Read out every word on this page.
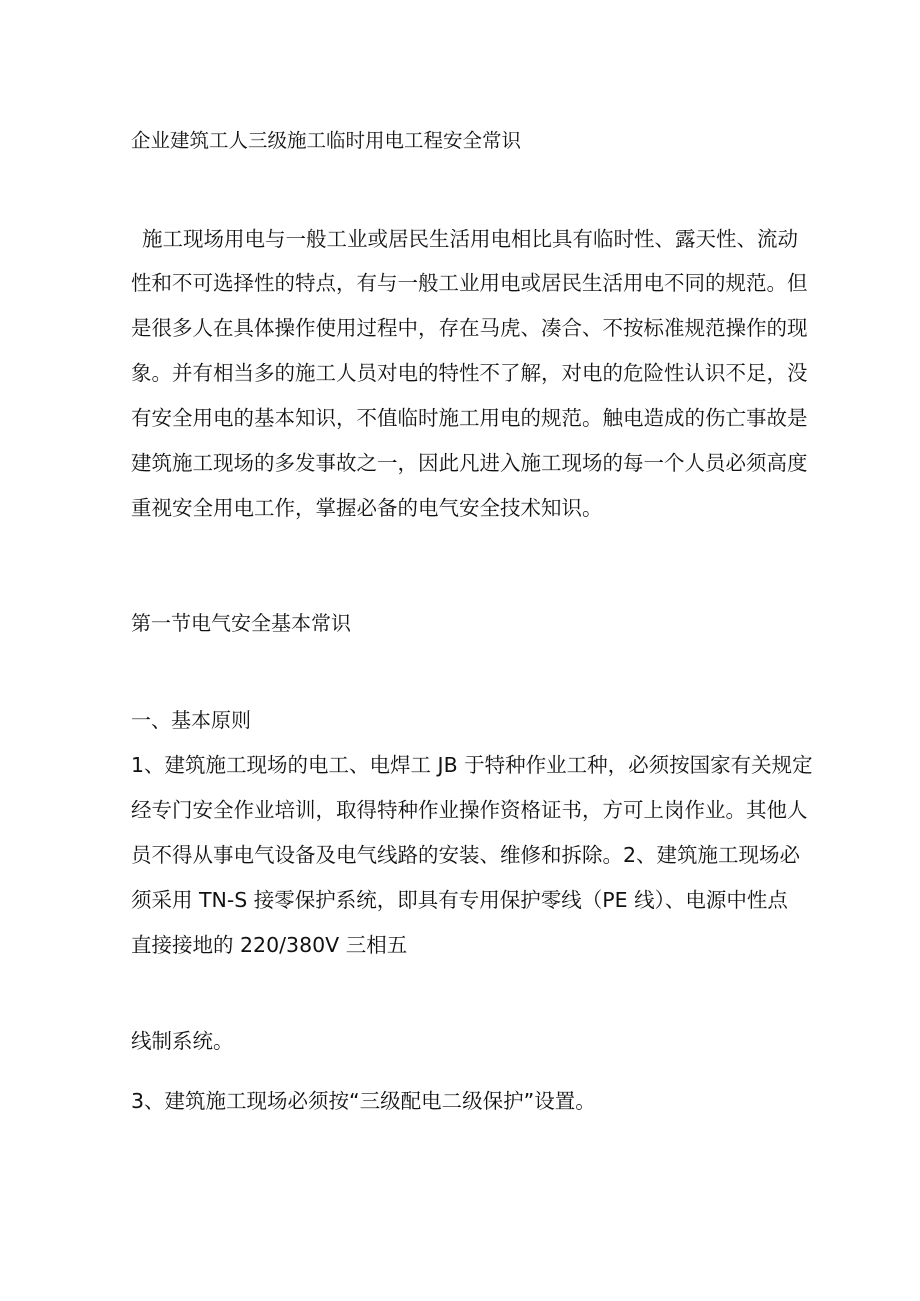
企业建筑工人三级施工临时用电工程安全常识
施工现场用电与一般工业或居民生活用电相比具有临时性、露天性、流动
性和不可选择性的特点，有与一般工业用电或居民生活用电不同的规范。但
是很多人在具体操作使用过程中，存在马虎、凑合、不按标准规范操作的现
象。并有相当多的施工人员对电的特性不了解，对电的危险性认识不足，没
有安全用电的基本知识，不值临时施工用电的规范。触电造成的伤亡事故是
建筑施工现场的多发事故之一，因此凡进入施工现场的每一个人员必须高度
重视安全用电工作，掌握必备的电气安全技术知识。
第一节电气安全基本常识
一、基本原则
1、建筑施工现场的电工、电焊工 JB 于特种作业工种，必须按国家有关规定
经专门安全作业培训，取得特种作业操作资格证书，方可上岗作业。其他人
员不得从事电气设备及电气线路的安装、维修和拆除。2、建筑施工现场必
须采用 TN-S 接零保护系统，即具有专用保护零线（PE 线）、电源中性点
直接接地的 220/380V 三相五
线制系统。
3、建筑施工现场必须按“三级配电二级保护”设置。
